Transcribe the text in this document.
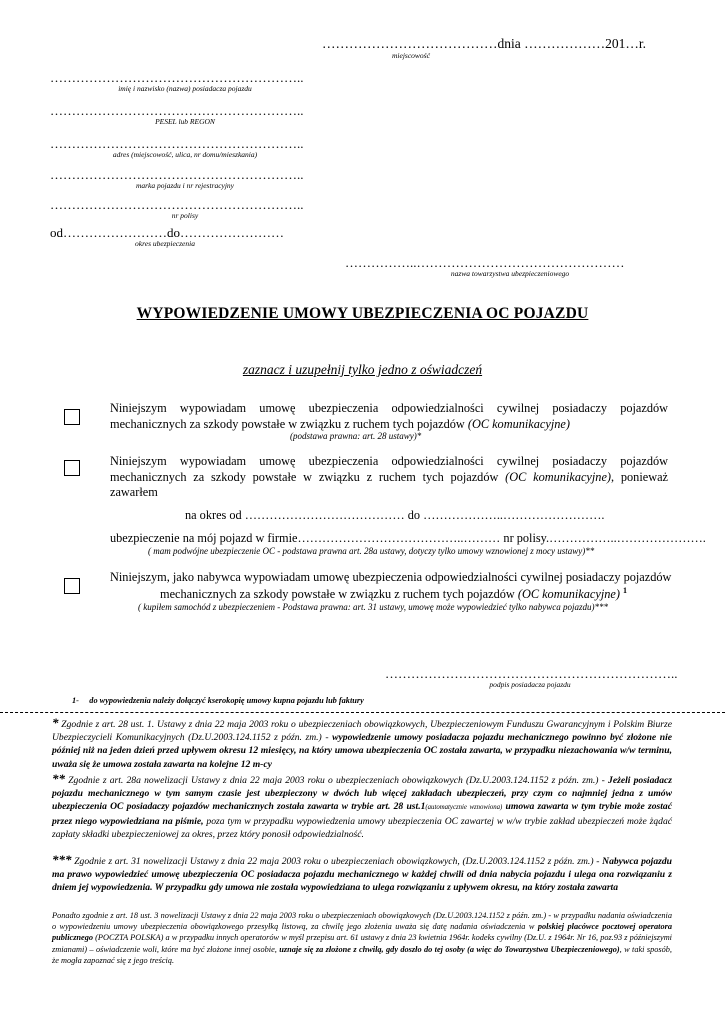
…………………………………dnia ………………201…r.
miejscowość
…………………………………………………..
imię i nazwisko (nazwa) posiadacza pojazdu
…………………………………………………..
PESEL lub REGON
…………………………………………………..
adres (miejscowość, ulica, nr domu/mieszkania)
…………………………………………………..
marka pojazdu i nr rejestracyjny
…………………………………………………..
nr polisy
od……………………do……………………
okres ubezpieczenia
……………..…………………………………………
nazwa towarzystwa ubezpieczeniowego
WYPOWIEDZENIE UMOWY UBEZPIECZENIA OC POJAZDU
zaznacz i uzupełnij tylko jedno z oświadczeń
Niniejszym wypowiadam umowę ubezpieczenia odpowiedzialności cywilnej posiadaczy pojazdów
mechanicznych za szkody powstałe w związku z ruchem tych pojazdów (OC komunikacyjne)
(podstawa prawna: art. 28 ustawy)*
Niniejszym wypowiadam umowę ubezpieczenia odpowiedzialności cywilnej posiadaczy pojazdów
mechanicznych za szkody powstałe w związku z ruchem tych pojazdów (OC komunikacyjne), ponieważ
zawarłem
na okres od ………………………………… do ………………..…………………….
ubezpieczenie na mój pojazd w firmie…………………………………..……… nr polisy.……………..………………….
( mam podwójne ubezpieczenie OC - podstawa prawna art. 28a ustawy, dotyczy tylko umowy wznowionej z mocy ustawy)**
Niniejszym, jako nabywca wypowiadam umowę ubezpieczenia odpowiedzialności cywilnej posiadaczy pojazdów
mechanicznych za szkody powstałe w związku z ruchem tych pojazdów (OC komunikacyjne) $^1$
( kupiłem samochód z ubezpieczeniem - Podstawa prawna: art. 31 ustawy, umowę może wypowiedzieć tylko nabywca pojazdu)***
…………………………………………………………..
podpis posiadacza pojazdu
1- do wypowiedzenia należy dołączyć kserokopię umowy kupna pojazdu lub faktury
* Zgodnie z art. 28 ust. 1. Ustawy z dnia 22 maja 2003 roku o ubezpieczeniach obowiązkowych, Ubezpieczeniowym Funduszu Gwarancyjnym i Polskim Biurze Ubezpieczycieli Komunikacyjnych (Dz.U.2003.124.1152 z późn. zm.) - wypowiedzenie umowy posiadacza pojazdu mechanicznego powinno być złożone nie później niż na jeden dzień przed upływem okresu 12 miesięcy, na który umowa ubezpieczenia OC została zawarta, w przypadku niezachowania w/w terminu, uważa się że umowa została zawarta na kolejne 12 m-cy
** Zgodnie z art. 28a nowelizacji Ustawy z dnia 22 maja 2003 roku o ubezpieczeniach obowiązkowych (Dz.U.2003.124.1152 z późn. zm.) - Jeżeli posiadacz pojazdu mechanicznego w tym samym czasie jest ubezpieczony w dwóch lub więcej zakładach ubezpieczeń, przy czym co najmniej jedna z umów ubezpieczenia OC posiadaczy pojazdów mechanicznych została zawarta w trybie art. 28 ust.1(automatycznie wznowiona) umowa zawarta w tym trybie może zostać przez niego wypowiedziana na piśmie, poza tym w przypadku wypowiedzenia umowy ubezpieczenia OC zawartej w w/w trybie zakład ubezpieczeń może żądać zapłaty składki ubezpieczeniowej za okres, przez który ponosił odpowiedzialność.
*** Zgodnie z art. 31 nowelizacji Ustawy z dnia 22 maja 2003 roku o ubezpieczeniach obowiązkowych, (Dz.U.2003.124.1152 z późn. zm.) - Nabywca pojazdu ma prawo wypowiedzieć umowę ubezpieczenia OC posiadacza pojazdu mechanicznego w każdej chwili od dnia nabycia pojazdu i ulega ona rozwiązaniu z dniem jej wypowiedzenia. W przypadku gdy umowa nie została wypowiedziana to ulega rozwiązaniu z upływem okresu, na który została zawarta
Ponadto zgodnie z art. 18 ust. 3 nowelizacji Ustawy z dnia 22 maja 2003 roku o ubezpieczeniach obowiązkowych (Dz.U.2003.124.1152 z późn. zm.) - w przypadku nadania oświadczenia o wypowiedzeniu umowy ubezpieczenia obowiązkowego przesyłką listową, za chwilę jego złożenia uważa się datę nadania oświadczenia w polskiej placówce pocztowej operatora publicznego (POCZTA POLSKA) a w przypadku innych operatorów w myśl przepisu art. 61 ustawy z dnia 23 kwietnia 1964r. kodeks cywilny (Dz.U. z 1964r. Nr 16, poz.93 z późniejszymi zmianami) – oświadczenie woli, które ma być złożone innej osobie, uznaje się za złożone z chwilą, gdy doszło do tej osoby (a więc do Towarzystwa Ubezpieczeniowego), w taki sposób, że mogła zapoznać się z jego treścią.
